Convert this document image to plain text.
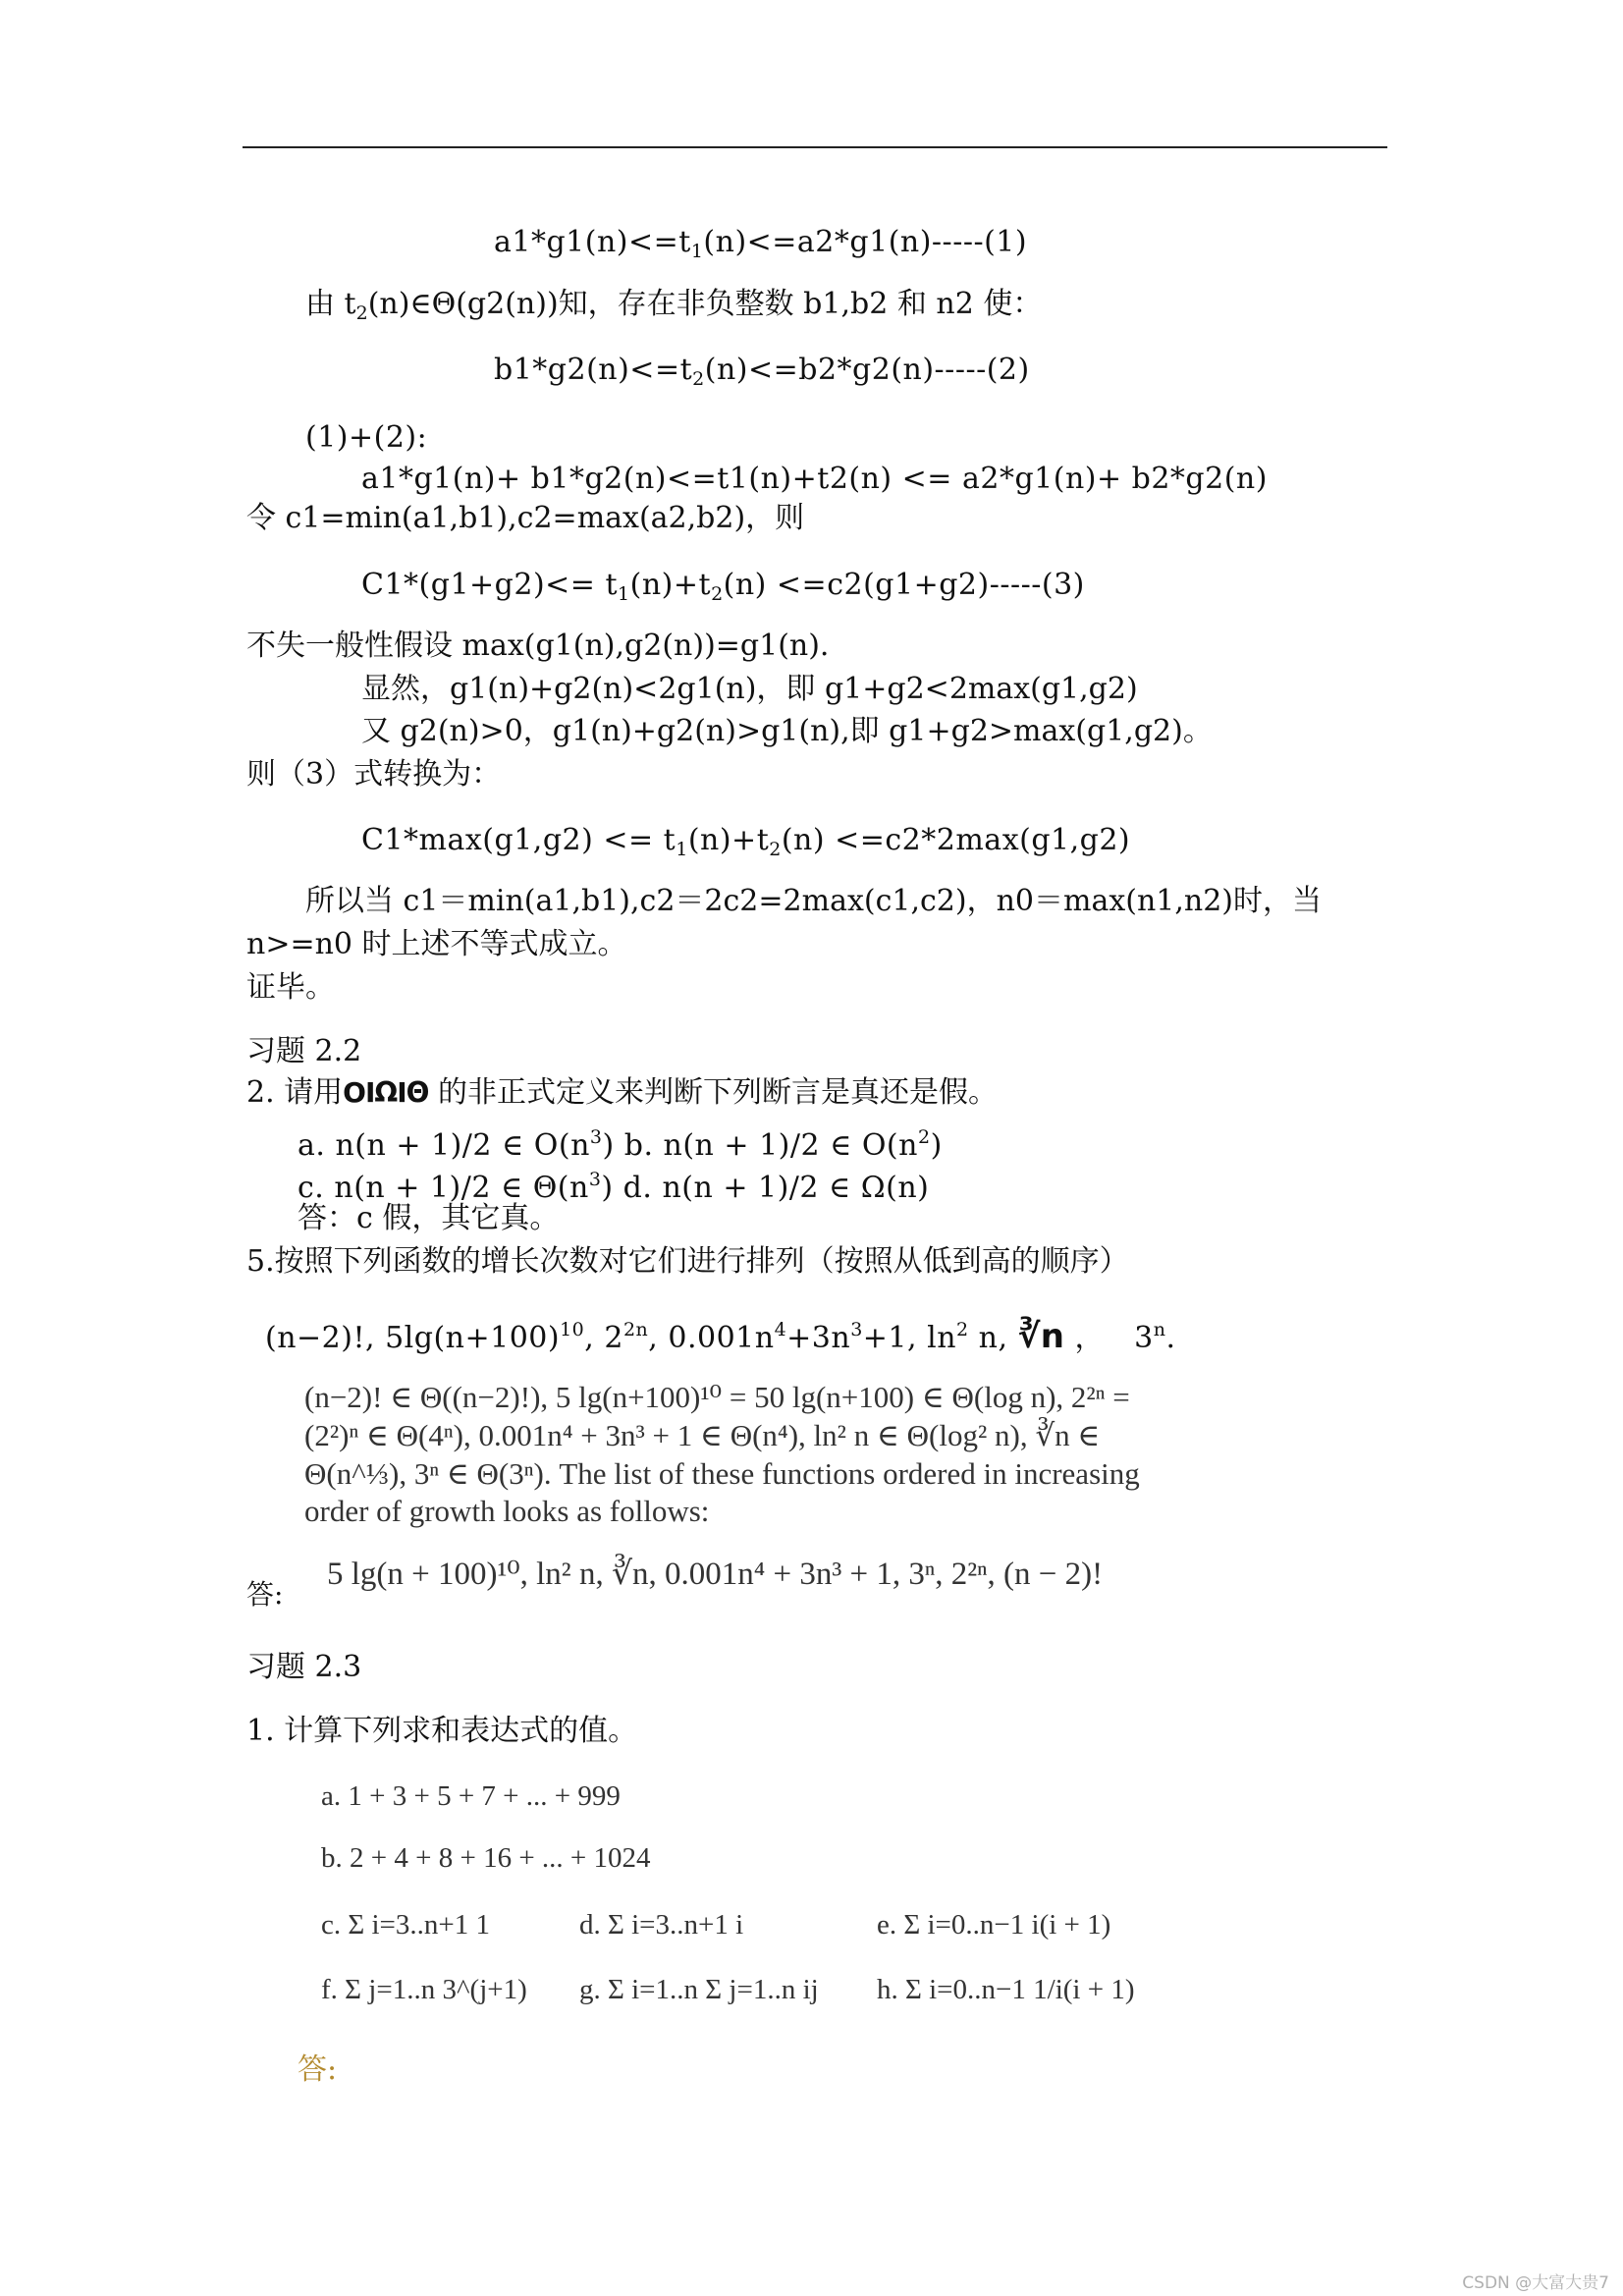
$a1*g1(n)<=t_1(n)<=a2*g1(n)-----(1)$
由 $t_2(n)\in\Theta(g2(n))$知，存在非负整数 b1,b2 和 n2 使：
$b1*g2(n)<=t_2(n)<=b2*g2(n)-----(2)$
(1)+(2):
a1*g1(n)+ b1*g2(n)<=t1(n)+t2(n) <= a2*g1(n)+ b2*g2(n)
令 c1=min(a1,b1),c2=max(a2,b2)，则
$C1*(g1+g2)<= t_1(n)+t_2(n) <=c2(g1+g2)-----(3)$
不失一般性假设 max(g1(n),g2(n))=g1(n).
显然，g1(n)+g2(n)<2g1(n)，即 g1+g2<2max(g1,g2)
又 g2(n)>0，g1(n)+g2(n)>g1(n),即 g1+g2>max(g1,g2)。
则（3）式转换为：
$C1*\max(g1,g2) <= t_1(n)+t_2(n) <=c2*2\max(g1,g2)$
所以当 c1＝min(a1,b1),c2＝2c2=2max(c1,c2)，n0＝max(n1,n2)时，当
n>=n0 时上述不等式成立。
证毕。
习题 2.2
2. 请用OIΩIΘ 的非正式定义来判断下列断言是真还是假。
a. n(n + 1)/2 ∈ $O(n^3)$ b. n(n + 1)/2 ∈ $O(n^2)$
c. n(n + 1)/2 ∈ $\Theta(n^3)$ d. n(n + 1)/2 ∈ Ω(n)
答：c 假，其它真。
5.按照下列函数的增长次数对它们进行排列（按照从低到高的顺序）
(n−2)!, $5\lg(n+100)^{10}$, $2^{2n}$, $0.001n^4+3n^3+1$, $\ln^2 n$, ∛n ， 3$^n$.
(n−2)! ∈ Θ((n−2)!), 5 lg(n+100)¹⁰ = 50 lg(n+100) ∈ Θ(log n), 2²ⁿ =
(2²)ⁿ ∈ Θ(4ⁿ), 0.001n⁴ + 3n³ + 1 ∈ Θ(n⁴), ln² n ∈ Θ(log² n), ∛n ∈
Θ(n^⅓), 3ⁿ ∈ Θ(3ⁿ). The list of these functions ordered in increasing
order of growth looks as follows:
答:
5 lg(n + 100)¹⁰, ln² n, ∛n, 0.001n⁴ + 3n³ + 1, 3ⁿ, 2²ⁿ, (n − 2)!
习题 2.3
1. 计算下列求和表达式的值。
a. 1 + 3 + 5 + 7 + ... + 999
b. 2 + 4 + 8 + 16 + ... + 1024
c. Σ i=3..n+1 1	d. Σ i=3..n+1 i	e. Σ i=0..n−1 i(i + 1)
f. Σ j=1..n 3^(j+1) g. Σ i=1..n Σ j=1..n ij h. Σ i=0..n−1 1/i(i + 1)
答:
CSDN @大富大贵7
